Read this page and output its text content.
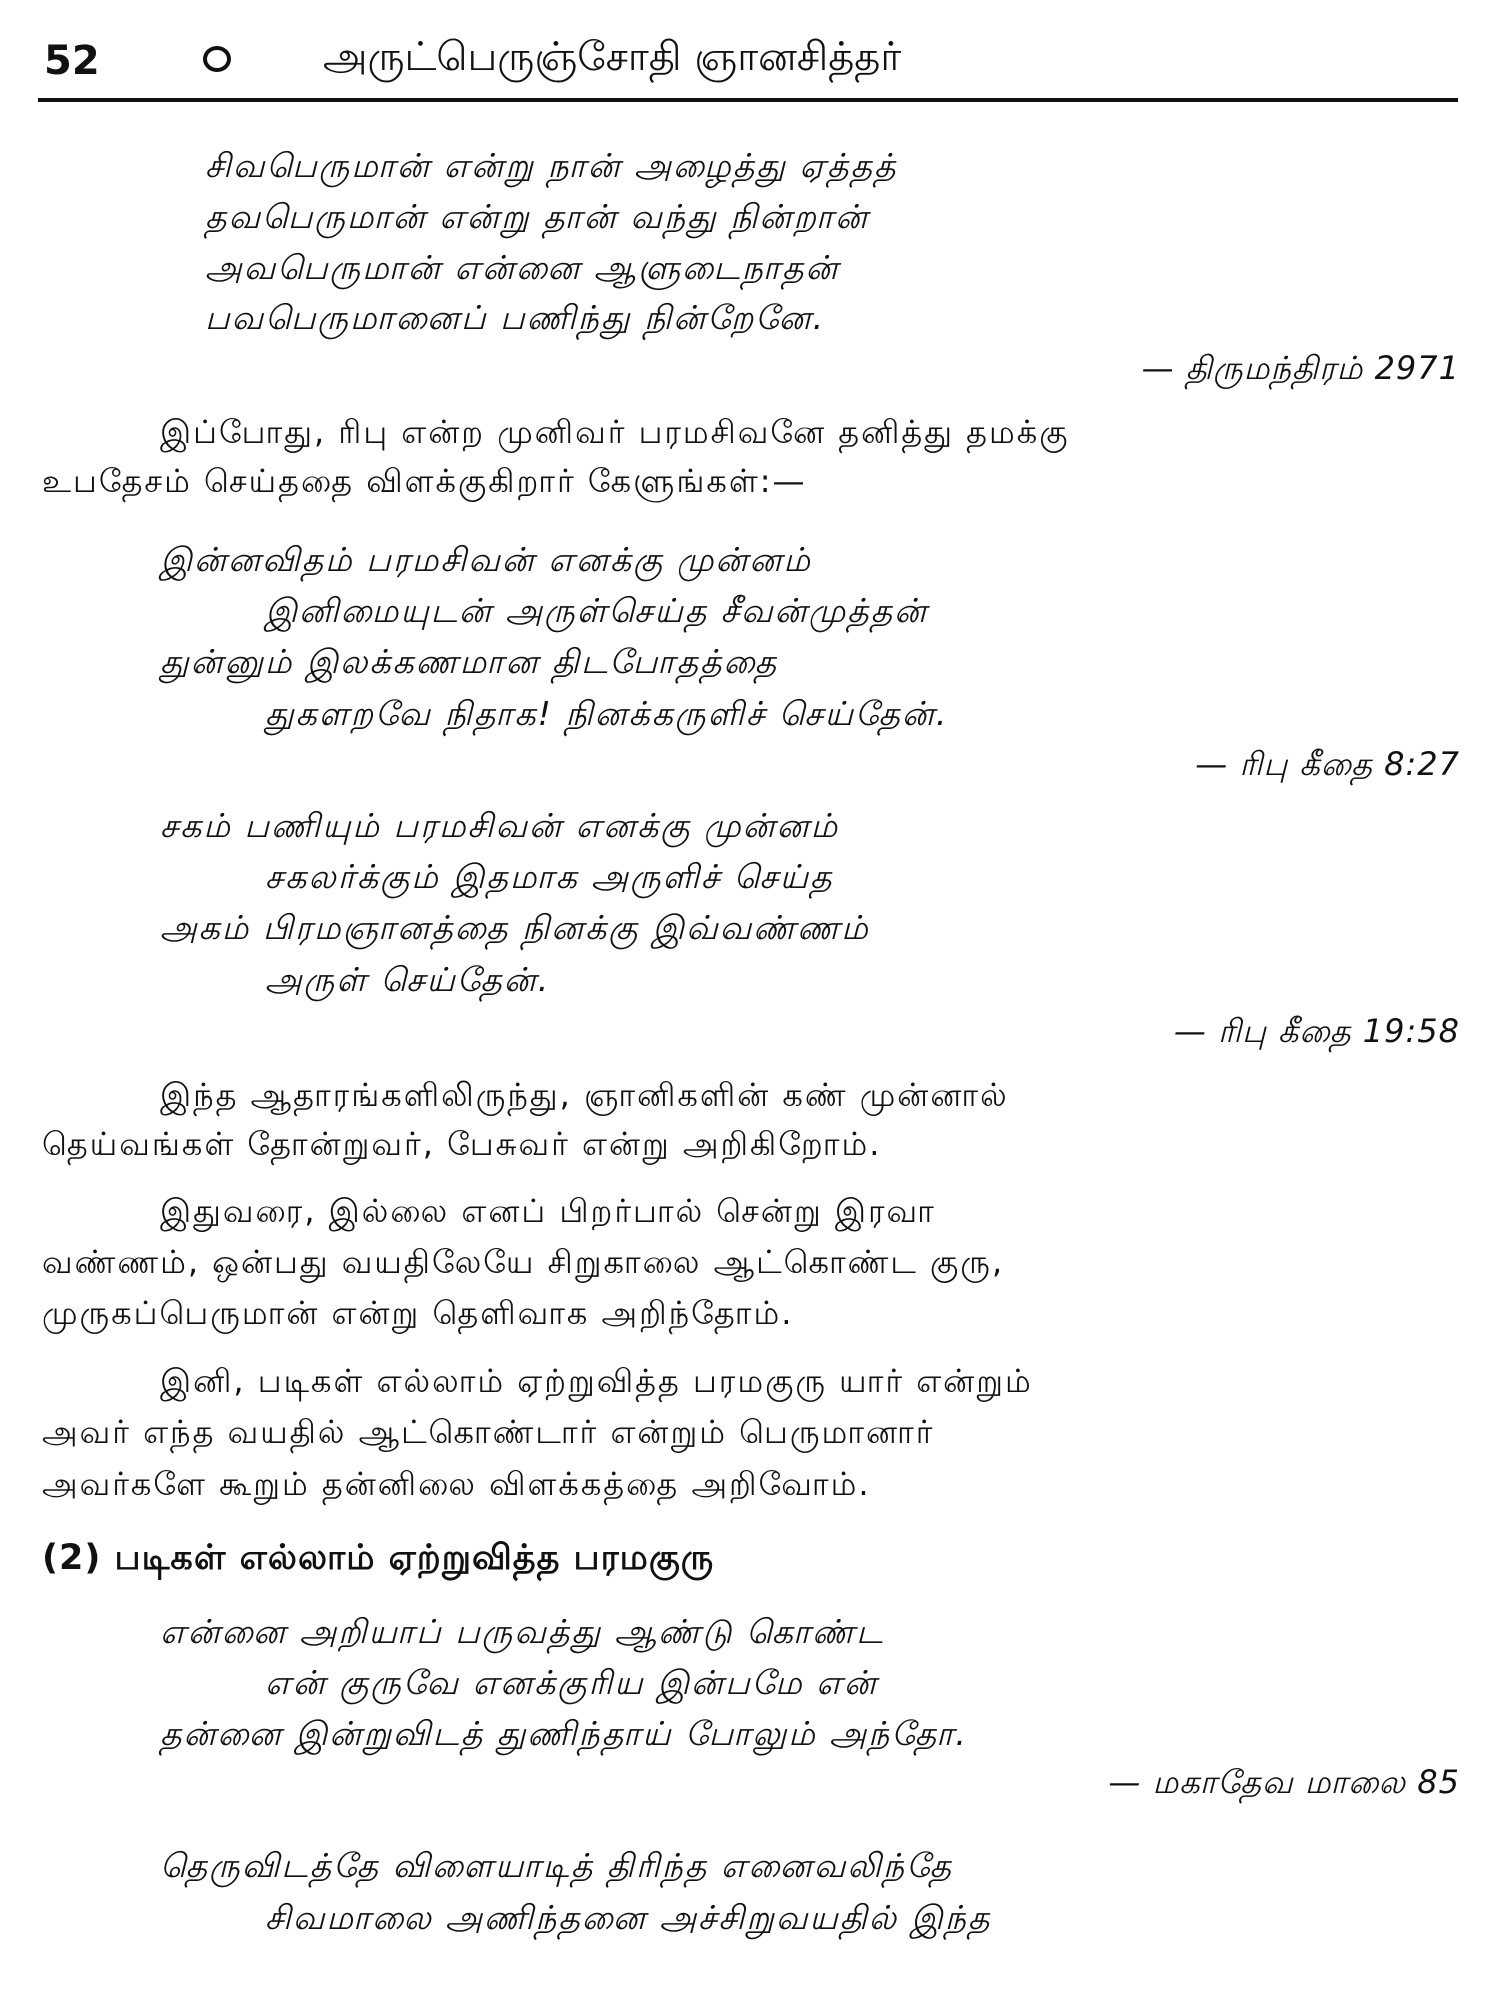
52	அருட்பெருஞ்சோதி ஞானசித்தர்
சிவபெருமான் என்று நான் அழைத்து ஏத்தத்
தவபெருமான் என்று தான் வந்து நின்றான்
அவபெருமான் என்னை ஆளுடைநாதன்
பவபெருமானைப் பணிந்து நின்றேனே.
— திருமந்திரம் 2971
இப்போது, ரிபு என்ற முனிவர் பரமசிவனே தனித்து தமக்கு
உபதேசம் செய்ததை விளக்குகிறார் கேளுங்கள்:—
இன்னவிதம் பரமசிவன் எனக்கு முன்னம்
இனிமையுடன் அருள்செய்த சீவன்முத்தன்
துன்னும் இலக்கணமான திடபோதத்தை
துகளறவே நிதாக! நினக்கருளிச் செய்தேன்.
— ரிபு கீதை 8:27
சகம் பணியும் பரமசிவன் எனக்கு முன்னம்
சகலர்க்கும் இதமாக அருளிச் செய்த
அகம் பிரமஞானத்தை நினக்கு இவ்வண்ணம்
அருள் செய்தேன்.
— ரிபு கீதை 19:58
இந்த ஆதாரங்களிலிருந்து, ஞானிகளின் கண் முன்னால்
தெய்வங்கள் தோன்றுவர், பேசுவர் என்று அறிகிறோம்.
இதுவரை, இல்லை எனப் பிறர்பால் சென்று இரவா
வண்ணம், ஒன்பது வயதிலேயே சிறுகாலை ஆட்கொண்ட குரு,
முருகப்பெருமான் என்று தெளிவாக அறிந்தோம்.
இனி, படிகள் எல்லாம் ஏற்றுவித்த பரமகுரு யார் என்றும்
அவர் எந்த வயதில் ஆட்கொண்டார் என்றும் பெருமானார்
அவர்களே கூறும் தன்னிலை விளக்கத்தை அறிவோம்.
(2) படிகள் எல்லாம் ஏற்றுவித்த பரமகுரு
என்னை அறியாப் பருவத்து ஆண்டு கொண்ட
என் குருவே எனக்குரிய இன்பமே என்
தன்னை இன்றுவிடத் துணிந்தாய் போலும் அந்தோ.
— மகாதேவ மாலை 85
தெருவிடத்தே விளையாடித் திரிந்த எனைவலிந்தே
சிவமாலை அணிந்தனை அச்சிறுவயதில் இந்த
